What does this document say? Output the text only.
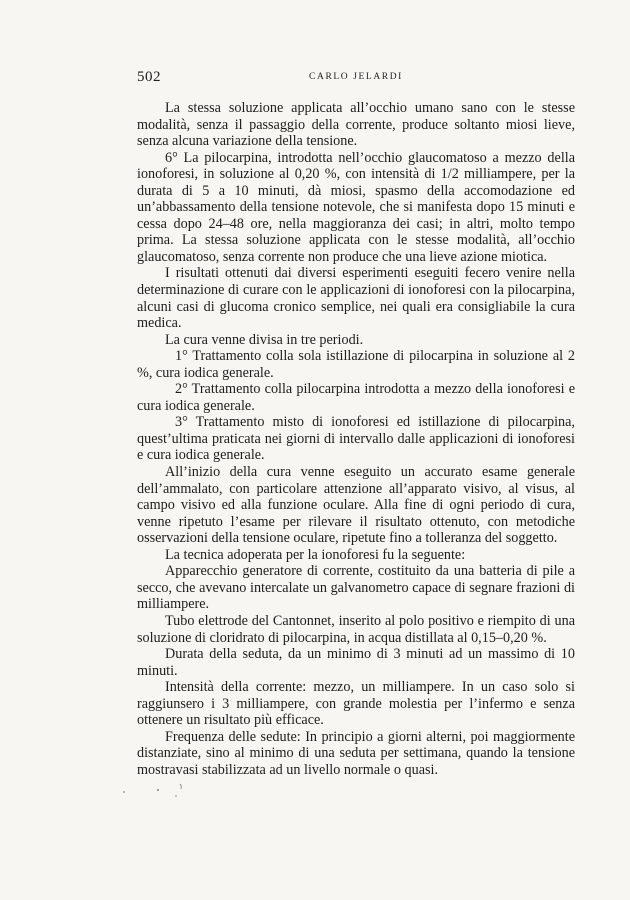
502	CARLO JELARDI

La stessa soluzione applicata all’occhio umano sano con le stesse modalità, senza il passaggio della corrente, produce soltanto miosi lieve, senza alcuna variazione della tensione.

6° La pilocarpina, introdotta nell’occhio glaucomatoso a mezzo della ionoforesi, in soluzione al 0,20 %, con intensità di 1/2 milliampere, per la durata di 5 a 10 minuti, dà miosi, spasmo della accomodazione ed un’abbassamento della tensione notevole, che si manifesta dopo 15 minuti e cessa dopo 24–48 ore, nella maggioranza dei casi; in altri, molto tempo prima. La stessa soluzione applicata con le stesse modalità, all’occhio glaucomatoso, senza corrente non produce che una lieve azione miotica.

I risultati ottenuti dai diversi esperimenti eseguiti fecero venire nella determinazione di curare con le applicazioni di ionoforesi con la pilocarpina, alcuni casi di glucoma cronico semplice, nei quali era consigliabile la cura medica.

La cura venne divisa in tre periodi.

1° Trattamento colla sola istillazione di pilocarpina in soluzione al 2 %, cura iodica generale.

2° Trattamento colla pilocarpina introdotta a mezzo della ionoforesi e cura iodica generale.

3° Trattamento misto di ionoforesi ed istillazione di pilocarpina, quest’ultima praticata nei giorni di intervallo dalle applicazioni di ionoforesi e cura iodica generale.

All’inizio della cura venne eseguito un accurato esame generale dell’ammalato, con particolare attenzione all’apparato visivo, al visus, al campo visivo ed alla funzione oculare. Alla fine di ogni periodo di cura, venne ripetuto l’esame per rilevare il risultato ottenuto, con metodiche osservazioni della tensione oculare, ripetute fino a tolleranza del soggetto.

La tecnica adoperata per la ionoforesi fu la seguente:

Apparecchio generatore di corrente, costituito da una batteria di pile a secco, che avevano intercalate un galvanometro capace di segnare frazioni di milliampere.

Tubo elettrode del Cantonnet, inserito al polo positivo e riempito di una soluzione di cloridrato di pilocarpina, in acqua distillata al 0,15–0,20 %.

Durata della seduta, da un minimo di 3 minuti ad un massimo di 10 minuti.

Intensità della corrente: mezzo, un milliampere. In un caso solo si raggiunsero i 3 milliampere, con grande molestia per l’infermo e senza ottenere un risultato più efficace.

Frequenza delle sedute: In principio a giorni alterni, poi maggiormente distanziate, sino al minimo di una seduta per settimana, quando la tensione mostravasi stabilizzata ad un livello normale o quasi.
